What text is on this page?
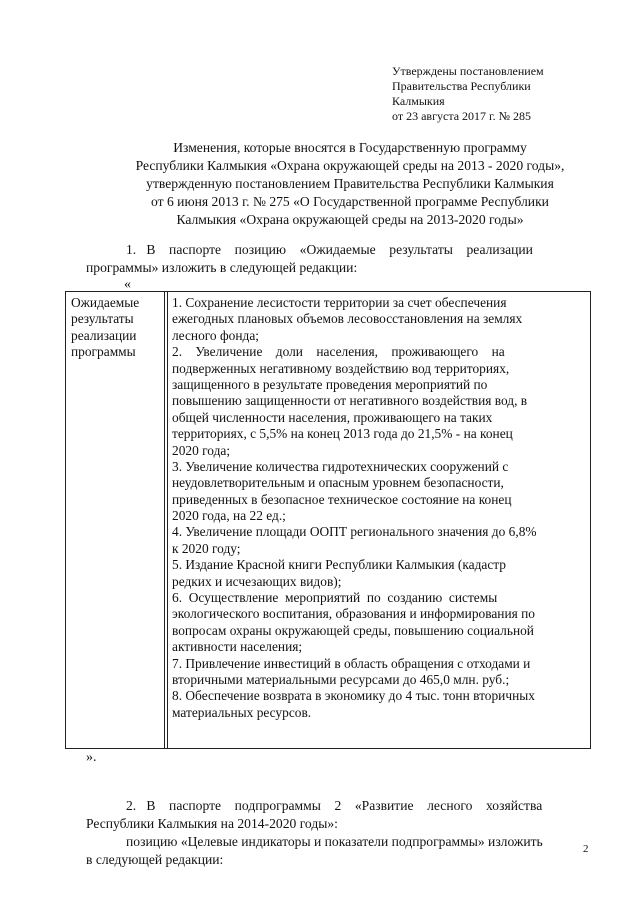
Утверждены постановлением
Правительства Республики
Калмыкия
от 23 августа 2017 г. № 285
Изменения, которые вносятся в Государственную программу
Республики Калмыкия «Охрана окружающей среды на 2013 - 2020 годы»,
утвержденную постановлением Правительства Республики Калмыкия
от 6 июня 2013 г. № 275 «О Государственной программе Республики
Калмыкия «Охрана окружающей среды на 2013-2020 годы»
1.   В    паспорте    позицию    «Ожидаемые    результаты    реализации
программы» изложить в следующей редакции:
«
Ожидаемые
результаты
реализации
программы
1. Сохранение лесистости территории за счет обеспечения
ежегодных плановых объемов лесовосстановления на землях
лесного фонда;
2.    Увеличение    доли    населения,    проживающего    на
подверженных негативному воздействию вод территориях,
защищенного в результате проведения мероприятий по
повышению защищенности от негативного воздействия вод, в
общей численности населения, проживающего на таких
территориях, с 5,5% на конец 2013 года до 21,5% - на конец
2020 года;
3. Увеличение количества гидротехнических сооружений с
неудовлетворительным и опасным уровнем безопасности,
приведенных в безопасное техническое состояние на конец
2020 года, на 22 ед.;
4. Увеличение площади ООПТ регионального значения до 6,8%
к 2020 году;
5. Издание Красной книги Республики Калмыкия (кадастр
редких и исчезающих видов);
6.  Осуществление  мероприятий  по  созданию  системы
экологического воспитания, образования и информирования по
вопросам охраны окружающей среды, повышению социальной
активности населения;
7. Привлечение инвестиций в область обращения с отходами и
вторичными материальными ресурсами до 465,0 млн. руб.;
8. Обеспечение возврата в экономику до 4 тыс. тонн вторичных
материальных ресурсов.
».
2.   В    паспорте    подпрограммы    2    «Развитие    лесного    хозяйства
Республики Калмыкия на 2014-2020 годы»:
позицию «Целевые индикаторы и показатели подпрограммы» изложить
в следующей редакции:
2
